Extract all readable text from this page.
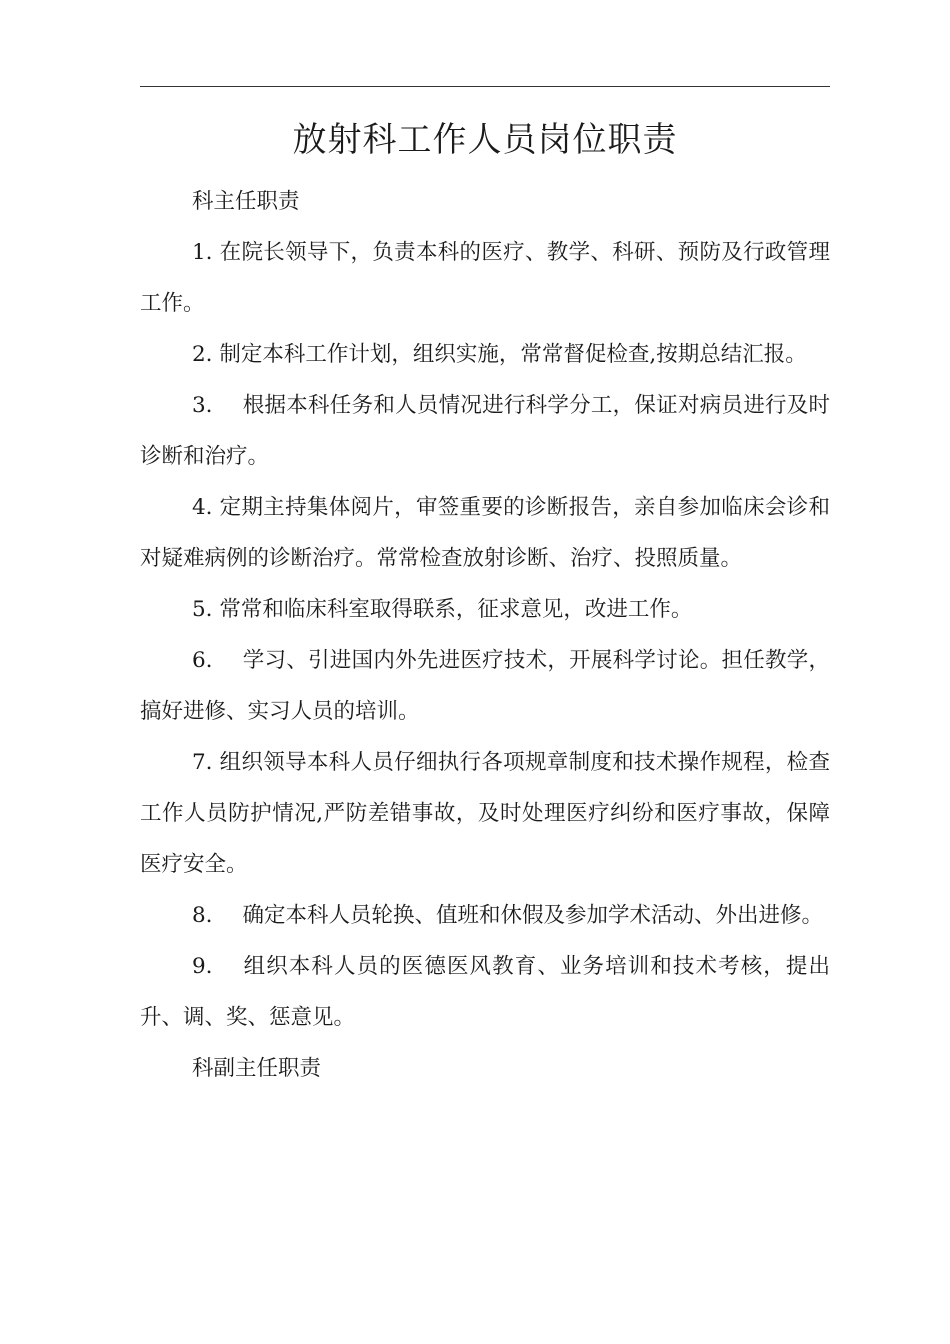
放射科工作人员岗位职责

科主任职责

1. 在院长领导下，负责本科的医疗、教学、科研、预防及行政管理工作。

2. 制定本科工作计划，组织实施，常常督促检查,按期总结汇报。

3. 根据本科任务和人员情况进行科学分工，保证对病员进行及时诊断和治疗。

4. 定期主持集体阅片，审签重要的诊断报告，亲自参加临床会诊和对疑难病例的诊断治疗。常常检查放射诊断、治疗、投照质量。

5. 常常和临床科室取得联系，征求意见，改进工作。

6. 学习、引进国内外先进医疗技术，开展科学讨论。担任教学，搞好进修、实习人员的培训。

7. 组织领导本科人员仔细执行各项规章制度和技术操作规程，检查工作人员防护情况,严防差错事故，及时处理医疗纠纷和医疗事故，保障医疗安全。

8. 确定本科人员轮换、值班和休假及参加学术活动、外出进修。

9. 组织本科人员的医德医风教育、业务培训和技术考核，提出升、调、奖、惩意见。

科副主任职责
